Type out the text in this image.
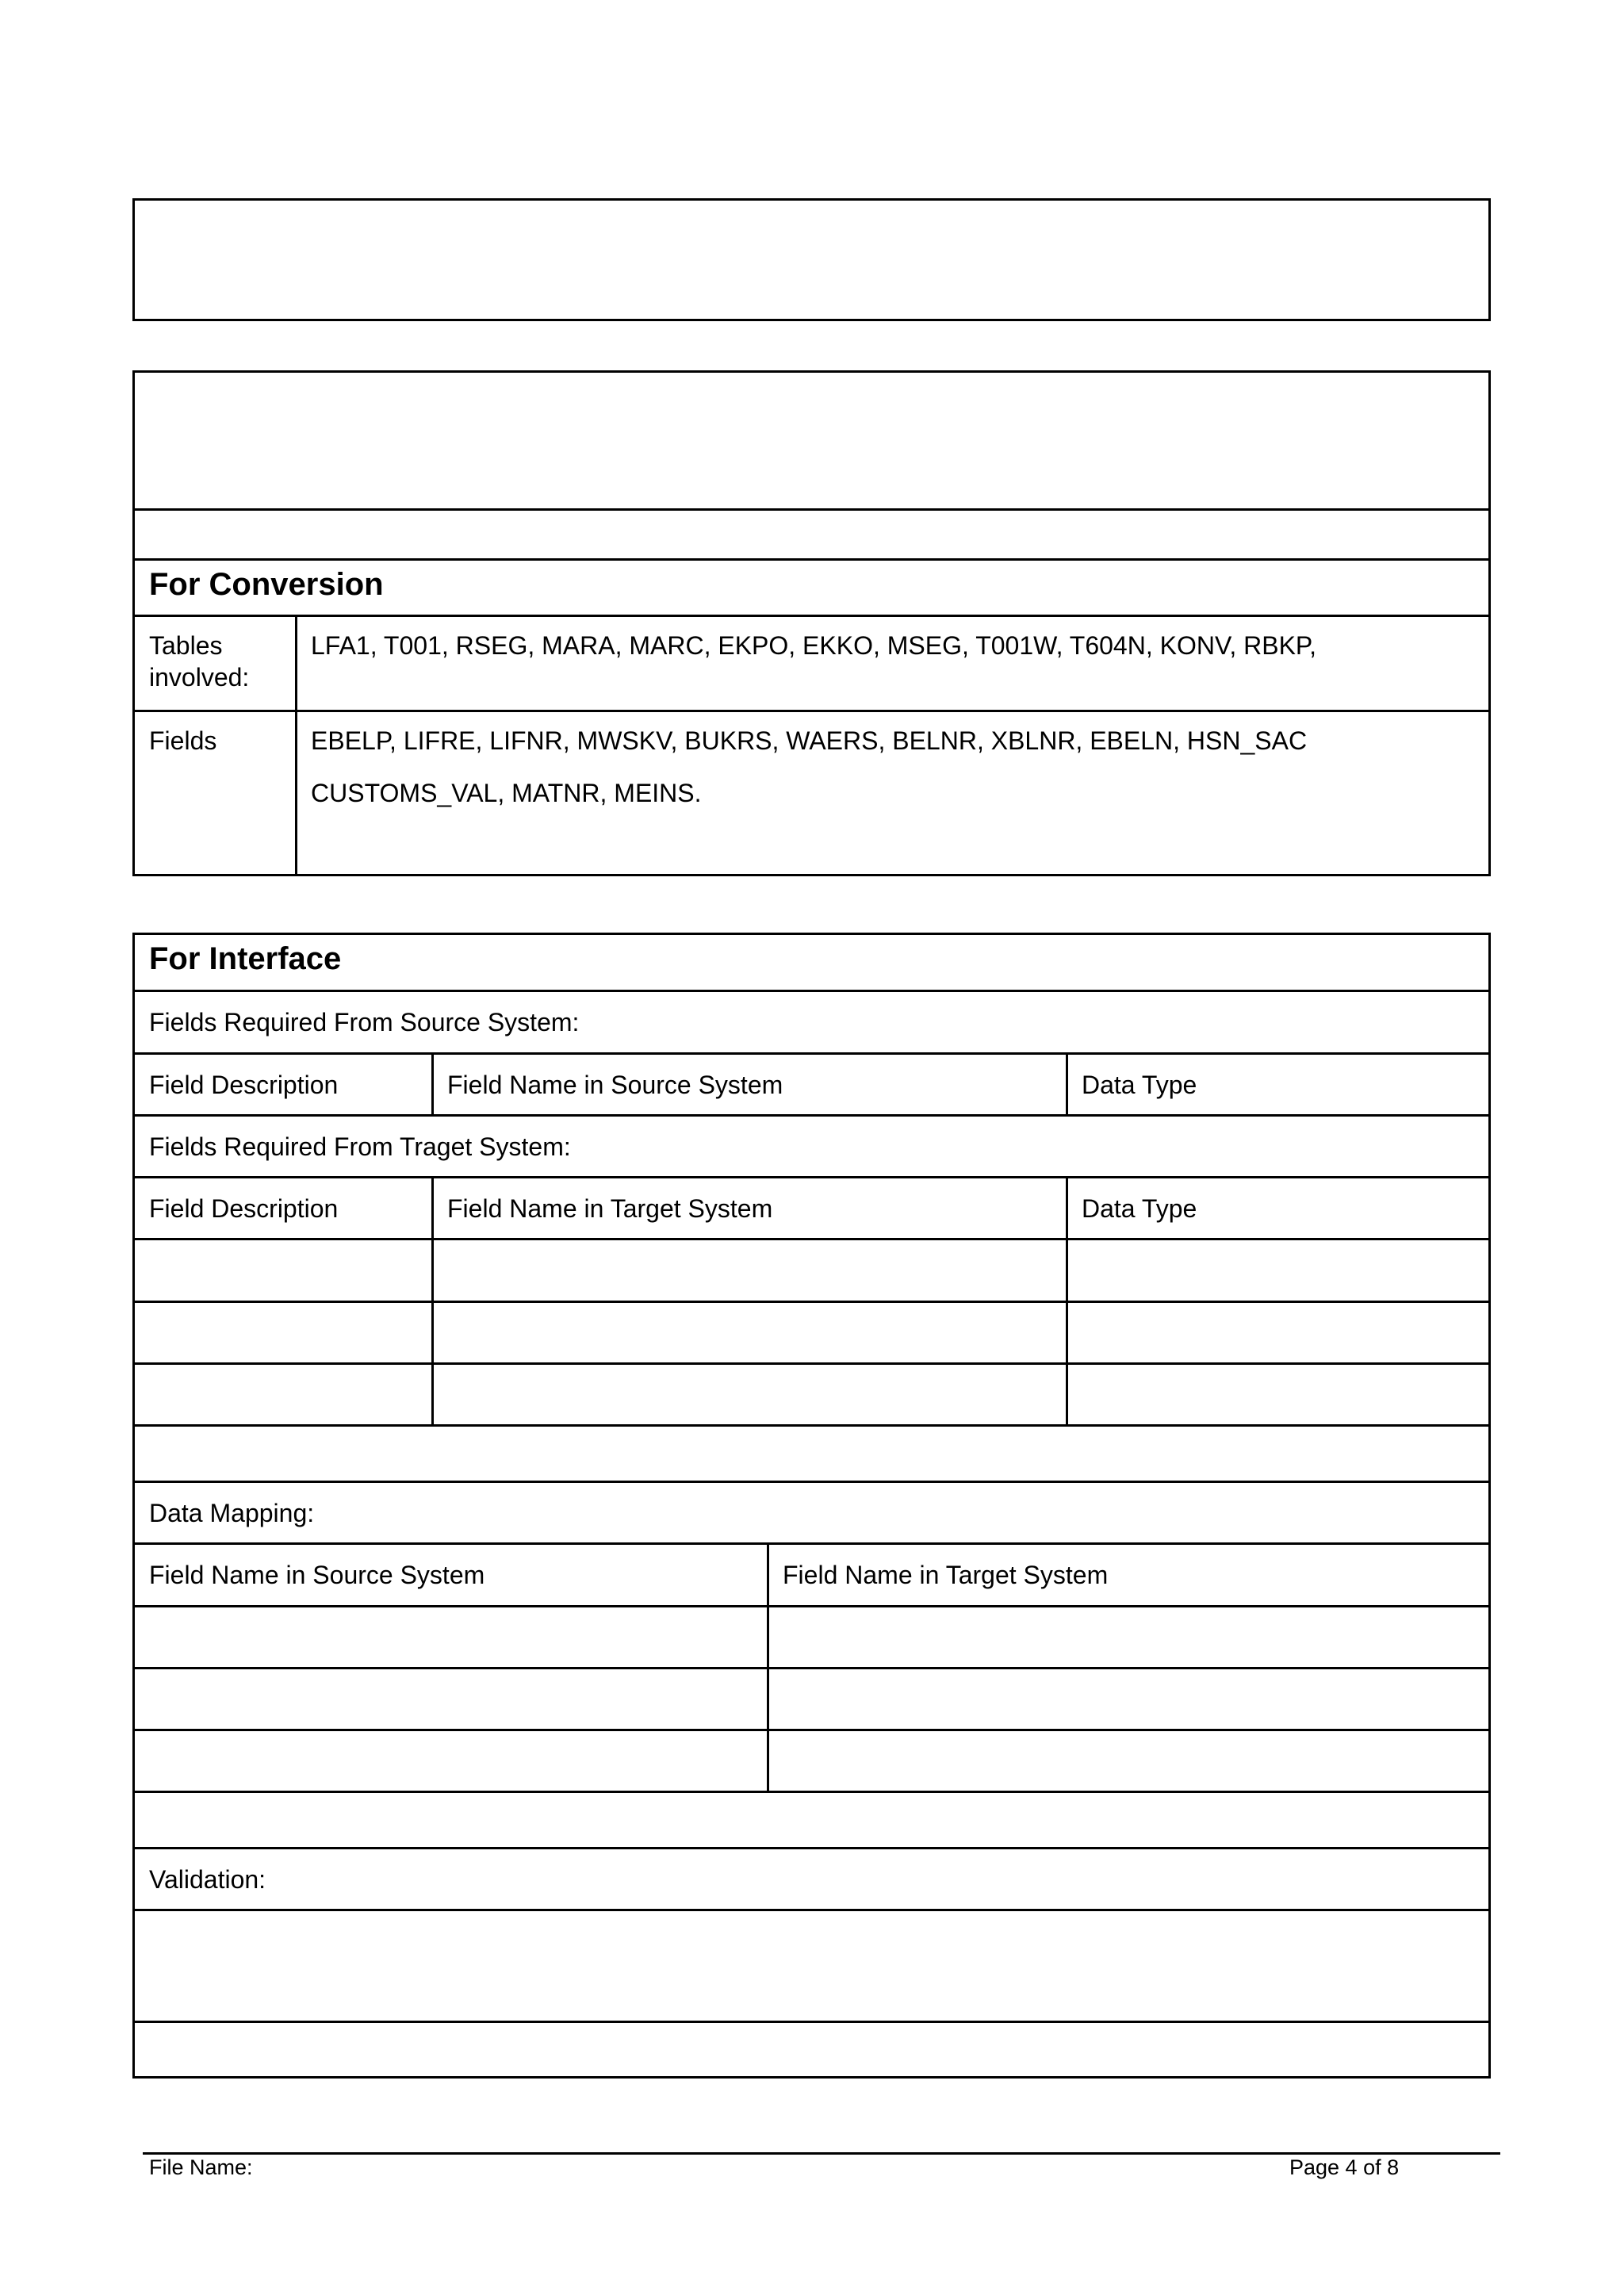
For Conversion
Tables involved:
LFA1, T001, RSEG, MARA, MARC, EKPO, EKKO, MSEG, T001W, T604N, KONV, RBKP,
Fields	EBELP, LIFRE, LIFNR, MWSKV, BUKRS, WAERS, BELNR, XBLNR, EBELN, HSN_SAC
CUSTOMS_VAL, MATNR, MEINS.
For Interface
Fields Required From Source System:
Field Description	Field Name in Source System	Data Type
Fields Required From Traget System:
Field Description	Field Name in Target System	Data Type
Data Mapping:
Field Name in Source System	Field Name in Target System
Validation:
File Name:	Page 4 of 8
